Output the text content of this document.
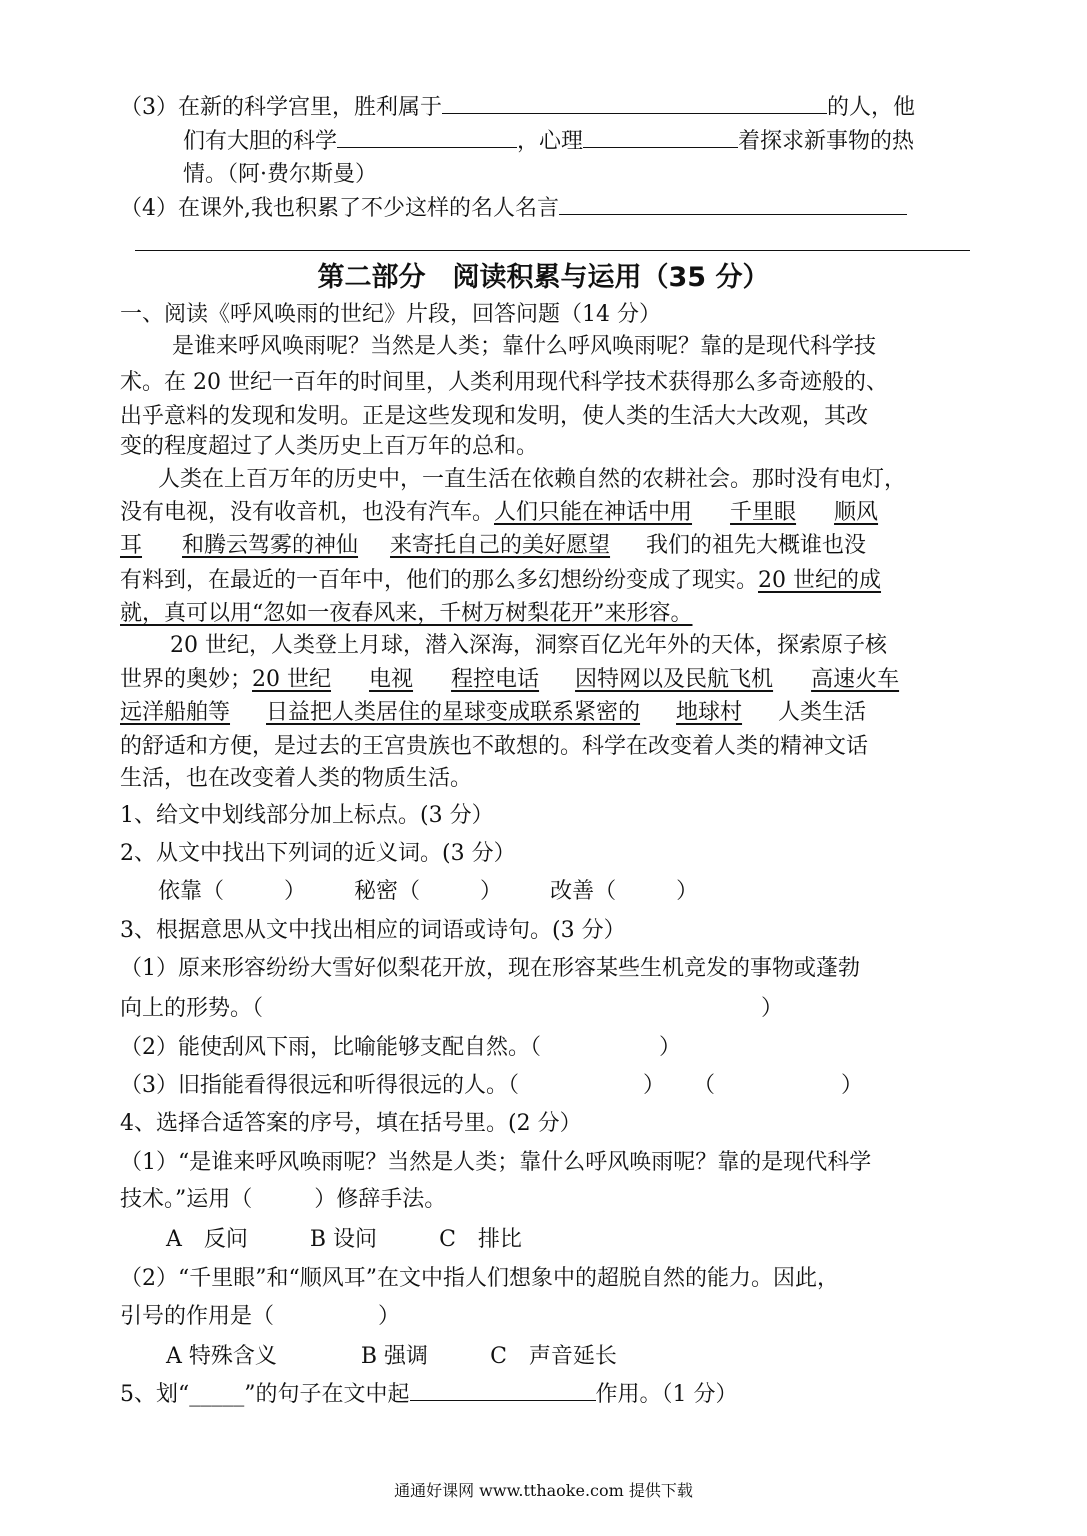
（3）在新的科学宫里，胜利属于	的人，他
们有大胆的科学	，心理	着探求新事物的热
情。（阿·费尔斯曼）
（4）在课外,我也积累了不少这样的名人名言
第二部分　阅读积累与运用（35 分）
一、阅读《呼风唤雨的世纪》片段，回答问题（14 分）
是谁来呼风唤雨呢？当然是人类；靠什么呼风唤雨呢？靠的是现代科学技
术。在 20 世纪一百年的时间里，人类利用现代科学技术获得那么多奇迹般的、
出乎意料的发现和发明。正是这些发现和发明，使人类的生活大大改观，其改
变的程度超过了人类历史上百万年的总和。
人类在上百万年的历史中，一直生活在依赖自然的农耕社会。那时没有电灯，
没有电视，没有收音机，也没有汽车。人们只能在神话中用 千里眼 顺风
耳 和腾云驾雾的神仙 来寄托自己的美好愿望 我们的祖先大概谁也没
有料到，在最近的一百年中，他们的那么多幻想纷纷变成了现实。20 世纪的成
就，真可以用“忽如一夜春风来，千树万树梨花开”来形容。
20 世纪，人类登上月球，潜入深海，洞察百亿光年外的天体，探索原子核
世界的奥妙；20 世纪 电视 程控电话 因特网以及民航飞机 高速火车
远洋船舶等 日益把人类居住的星球变成联系紧密的 地球村 人类生活
的舒适和方便，是过去的王宫贵族也不敢想的。科学在改变着人类的精神文话
生活，也在改变着人类的物质生活。
1、给文中划线部分加上标点。(3 分）
2、从文中找出下列词的近义词。(3 分）
依靠（	） 秘密（	） 改善（	）
3、根据意思从文中找出相应的词语或诗句。(3 分）
（1）原来形容纷纷大雪好似梨花开放，现在形容某些生机竞发的事物或蓬勃
向上的形势。（	）
（2）能使刮风下雨，比喻能够支配自然。（	）
（3）旧指能看得很远和听得很远的人。（	） （	）
4、选择合适答案的序号，填在括号里。(2 分）
（1）“是谁来呼风唤雨呢？当然是人类；靠什么呼风唤雨呢？靠的是现代科学
技术。”运用（	）修辞手法。
A　反问	B 设问	C　排比
（2）“千里眼”和“顺风耳”在文中指人们想象中的超脱自然的能力。因此，
引号的作用是（	）
A 特殊含义	B 强调	C　声音延长
5、划“_____”的句子在文中起	作用。（1 分）
通通好课网 www.tthaoke.com 提供下载
